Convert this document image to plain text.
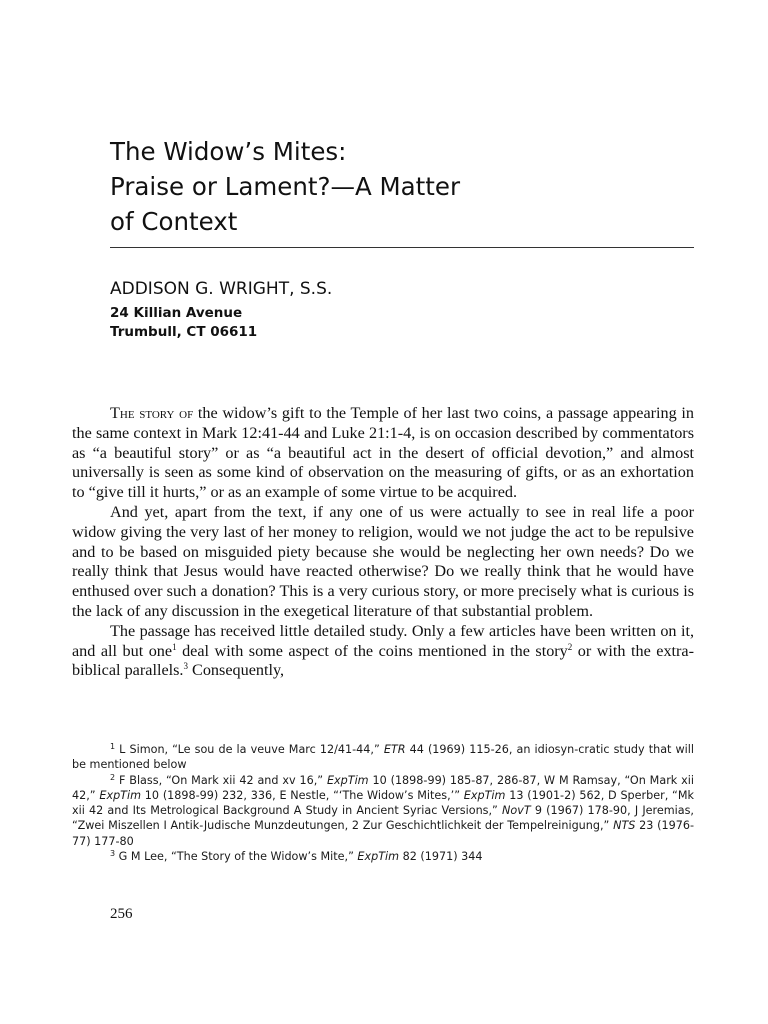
The Widow’s Mites:
Praise or Lament?—A Matter
of Context
ADDISON G. WRIGHT, S.S.
24 Killian Avenue
Trumbull, CT 06611

The story of the widow’s gift to the Temple of her last two coins, a passage appearing in the same context in Mark 12:41-44 and Luke 21:1-4, is on occasion described by commentators as “a beautiful story” or as “a beautiful act in the desert of official devotion,” and almost universally is seen as some kind of observation on the measuring of gifts, or as an exhortation to “give till it hurts,” or as an example of some virtue to be acquired.

And yet, apart from the text, if any one of us were actually to see in real life a poor widow giving the very last of her money to religion, would we not judge the act to be repulsive and to be based on misguided piety because she would be neglecting her own needs? Do we really think that Jesus would have reacted otherwise? Do we really think that he would have enthused over such a donation? This is a very curious story, or more precisely what is curious is the lack of any discussion in the exegetical literature of that substantial problem.

The passage has received little detailed study. Only a few articles have been written on it, and all but one$^1$ deal with some aspect of the coins mentioned in the story$^2$ or with the extra-biblical parallels.$^3$ Consequently,

$^1$ L Simon, “Le sou de la veuve Marc 12/41-44,” ETR 44 (1969) 115-26, an idiosyn-cratic study that will be mentioned below

$^2$ F Blass, “On Mark xii 42 and xv 16,” ExpTim 10 (1898-99) 185-87, 286-87, W M Ramsay, “On Mark xii 42,” ExpTim 10 (1898-99) 232, 336, E Nestle, “‘The Widow’s Mites,’” ExpTim 13 (1901-2) 562, D Sperber, “Mk xii 42 and Its Metrological Background A Study in Ancient Syriac Versions,” NovT 9 (1967) 178-90, J Jeremias, “Zwei Miszellen I Antik-Judische Munzdeutungen, 2 Zur Geschichtlichkeit der Tempelreinigung,” NTS 23 (1976-77) 177-80

$^3$ G M Lee, “The Story of the Widow’s Mite,” ExpTim 82 (1971) 344

256
